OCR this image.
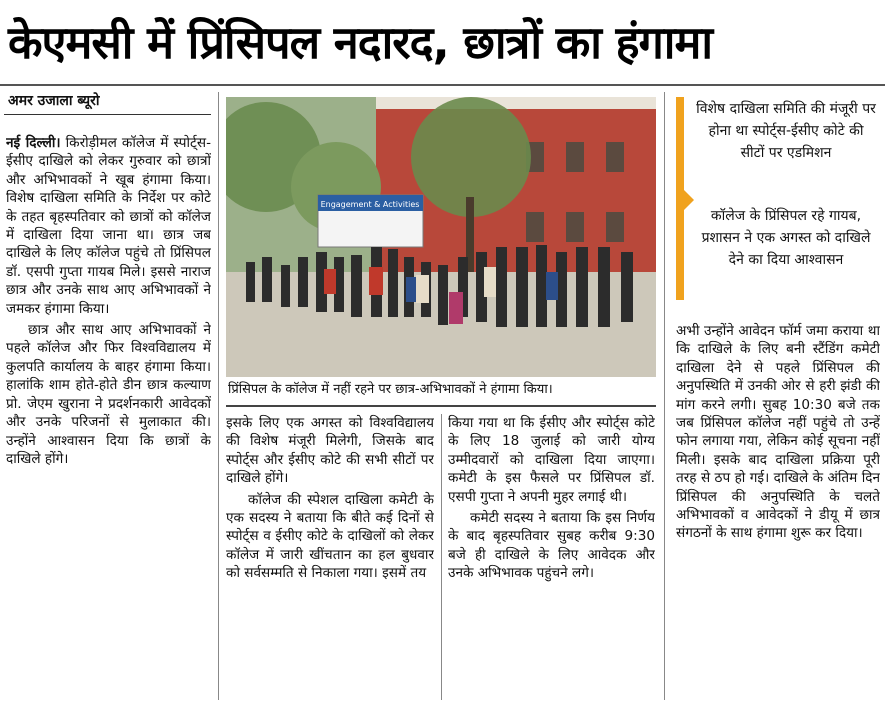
केएमसी में प्रिंसिपल नदारद, छात्रों का हंगामा
अमर उजाला ब्यूरो

नई दिल्ली। किरोड़ीमल कॉलेज में स्पोर्ट्स-ईसीए दाखिले को लेकर गुरुवार को छात्रों और अभिभावकों ने खूब हंगामा किया। विशेष दाखिला समिति के निर्देश पर कोटे के तहत बृहस्पतिवार को छात्रों को कॉलेज में दाखिला दिया जाना था। छात्र जब दाखिले के लिए कॉलेज पहुंचे तो प्रिंसिपल डॉ. एसपी गुप्ता गायब मिले। इससे नाराज छात्र और उनके साथ आए अभिभावकों ने जमकर हंगामा किया।

छात्र और साथ आए अभिभावकों ने पहले कॉलेज और फिर विश्वविद्यालय में कुलपति कार्यालय के बाहर हंगामा किया। हालांकि शाम होते-होते डीन छात्र कल्याण प्रो. जेएम खुराना ने प्रदर्शनकारी आवेदकों और उनके परिजनों से मुलाकात की। उन्होंने आश्वासन दिया कि छात्रों के दाखिले होंगे।

Engagement & Activities
प्रिंसिपल के कॉलेज में नहीं रहने पर छात्र-अभिभावकों ने हंगामा किया।

इसके लिए एक अगस्त को विश्वविद्यालय की विशेष मंजूरी मिलेगी, जिसके बाद स्पोर्ट्स और ईसीए कोटे की सभी सीटों पर दाखिले होंगे।

कॉलेज की स्पेशल दाखिला कमेटी के एक सदस्य ने बताया कि बीते कई दिनों से स्पोर्ट्स व ईसीए कोटे के दाखिलों को लेकर कॉलेज में जारी खींचतान का हल बुधवार को सर्वसम्मति से निकाला गया। इसमें तय

किया गया था कि ईसीए और स्पोर्ट्स कोटे के लिए 18 जुलाई को जारी योग्य उम्मीदवारों को दाखिला दिया जाएगा। कमेटी के इस फैसले पर प्रिंसिपल डॉ. एसपी गुप्ता ने अपनी मुहर लगाई थी।

कमेटी सदस्य ने बताया कि इस निर्णय के बाद बृहस्पतिवार सुबह करीब 9:30 बजे ही दाखिले के लिए आवेदक और उनके अभिभावक पहुंचने लगे।

विशेष दाखिला समिति की मंजूरी पर होना था स्पोर्ट्स-ईसीए कोटे की सीटों पर एडमिशन
कॉलेज के प्रिंसिपल रहे गायब, प्रशासन ने एक अगस्त को दाखिले देने का दिया आश्वासन

अभी उन्होंने आवेदन फॉर्म जमा कराया था कि दाखिले के लिए बनी स्टैंडिंग कमेटी दाखिला देने से पहले प्रिंसिपल की अनुपस्थिति में उनकी ओर से हरी झंडी की मांग करने लगी। सुबह 10:30 बजे तक जब प्रिंसिपल कॉलेज नहीं पहुंचे तो उन्हें फोन लगाया गया, लेकिन कोई सूचना नहीं मिली। इसके बाद दाखिला प्रक्रिया पूरी तरह से ठप हो गई। दाखिले के अंतिम दिन प्रिंसिपल की अनुपस्थिति के चलते अभिभावकों व आवेदकों ने डीयू में छात्र संगठनों के साथ हंगामा शुरू कर दिया।
